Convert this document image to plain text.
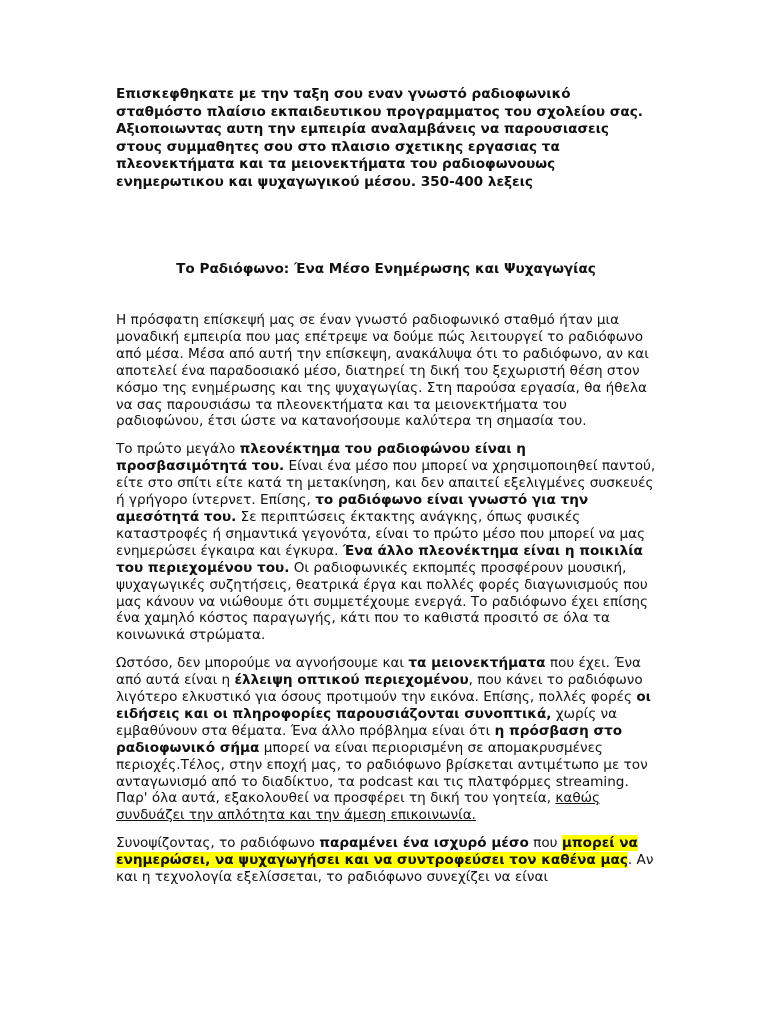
Επισκεφθηκατε με την ταξη σου εναν γνωστό ραδιοφωνικό σταθμόστο πλαίσιο εκπαιδευτικου προγραμματος του σχολείου σας. Αξιοποιωντας αυτη την εμπειρία αναλαμβάνεις να παρουσιασεις στους συμμαθητες σου στο πλαισιο σχετικης εργασιας τα πλεονεκτήματα και τα μειονεκτήματα του ραδιοφωνουως ενημερωτικου και ψυχαγωγικού μέσου. 350-400 λεξεις

Το Ραδιόφωνο: Ένα Μέσο Ενημέρωσης και Ψυχαγωγίας

Η πρόσφατη επίσκεψή μας σε έναν γνωστό ραδιοφωνικό σταθμό ήταν μια μοναδική εμπειρία που μας επέτρεψε να δούμε πώς λειτουργεί το ραδιόφωνο από μέσα. Μέσα από αυτή την επίσκεψη, ανακάλυψα ότι το ραδιόφωνο, αν και αποτελεί ένα παραδοσιακό μέσο, διατηρεί τη δική του ξεχωριστή θέση στον κόσμο της ενημέρωσης και της ψυχαγωγίας. Στη παρούσα εργασία, θα ήθελα να σας παρουσιάσω τα πλεονεκτήματα και τα μειονεκτήματα του ραδιοφώνου, έτσι ώστε να κατανοήσουμε καλύτερα τη σημασία του.

Το πρώτο μεγάλο πλεονέκτημα του ραδιοφώνου είναι η προσβασιμότητά του. Είναι ένα μέσο που μπορεί να χρησιμοποιηθεί παντού, είτε στο σπίτι είτε κατά τη μετακίνηση, και δεν απαιτεί εξελιγμένες συσκευές ή γρήγορο ίντερνετ. Επίσης, το ραδιόφωνο είναι γνωστό για την αμεσότητά του. Σε περιπτώσεις έκτακτης ανάγκης, όπως φυσικές καταστροφές ή σημαντικά γεγονότα, είναι το πρώτο μέσο που μπορεί να μας ενημερώσει έγκαιρα και έγκυρα. Ένα άλλο πλεονέκτημα είναι η ποικιλία του περιεχομένου του. Οι ραδιοφωνικές εκπομπές προσφέρουν μουσική, ψυχαγωγικές συζητήσεις, θεατρικά έργα και πολλές φορές διαγωνισμούς που μας κάνουν να νιώθουμε ότι συμμετέχουμε ενεργά. Το ραδιόφωνο έχει επίσης ένα χαμηλό κόστος παραγωγής, κάτι που το καθιστά προσιτό σε όλα τα κοινωνικά στρώματα.

Ωστόσο, δεν μπορούμε να αγνοήσουμε και τα μειονεκτήματα που έχει. Ένα από αυτά είναι η έλλειψη οπτικού περιεχομένου, που κάνει το ραδιόφωνο λιγότερο ελκυστικό για όσους προτιμούν την εικόνα. Επίσης, πολλές φορές οι ειδήσεις και οι πληροφορίες παρουσιάζονται συνοπτικά, χωρίς να εμβαθύνουν στα θέματα. Ένα άλλο πρόβλημα είναι ότι η πρόσβαση στο ραδιοφωνικό σήμα μπορεί να είναι περιορισμένη σε απομακρυσμένες περιοχές.Τέλος, στην εποχή μας, το ραδιόφωνο βρίσκεται αντιμέτωπο με τον ανταγωνισμό από το διαδίκτυο, τα podcast και τις πλατφόρμες streaming. Παρ' όλα αυτά, εξακολουθεί να προσφέρει τη δική του γοητεία, καθώς συνδυάζει την απλότητα και την άμεση επικοινωνία.

Συνοψίζοντας, το ραδιόφωνο παραμένει ένα ισχυρό μέσο που μπορεί να ενημερώσει, να ψυχαγωγήσει και να συντροφεύσει τον καθένα μας. Αν και η τεχνολογία εξελίσσεται, το ραδιόφωνο συνεχίζει να είναι
